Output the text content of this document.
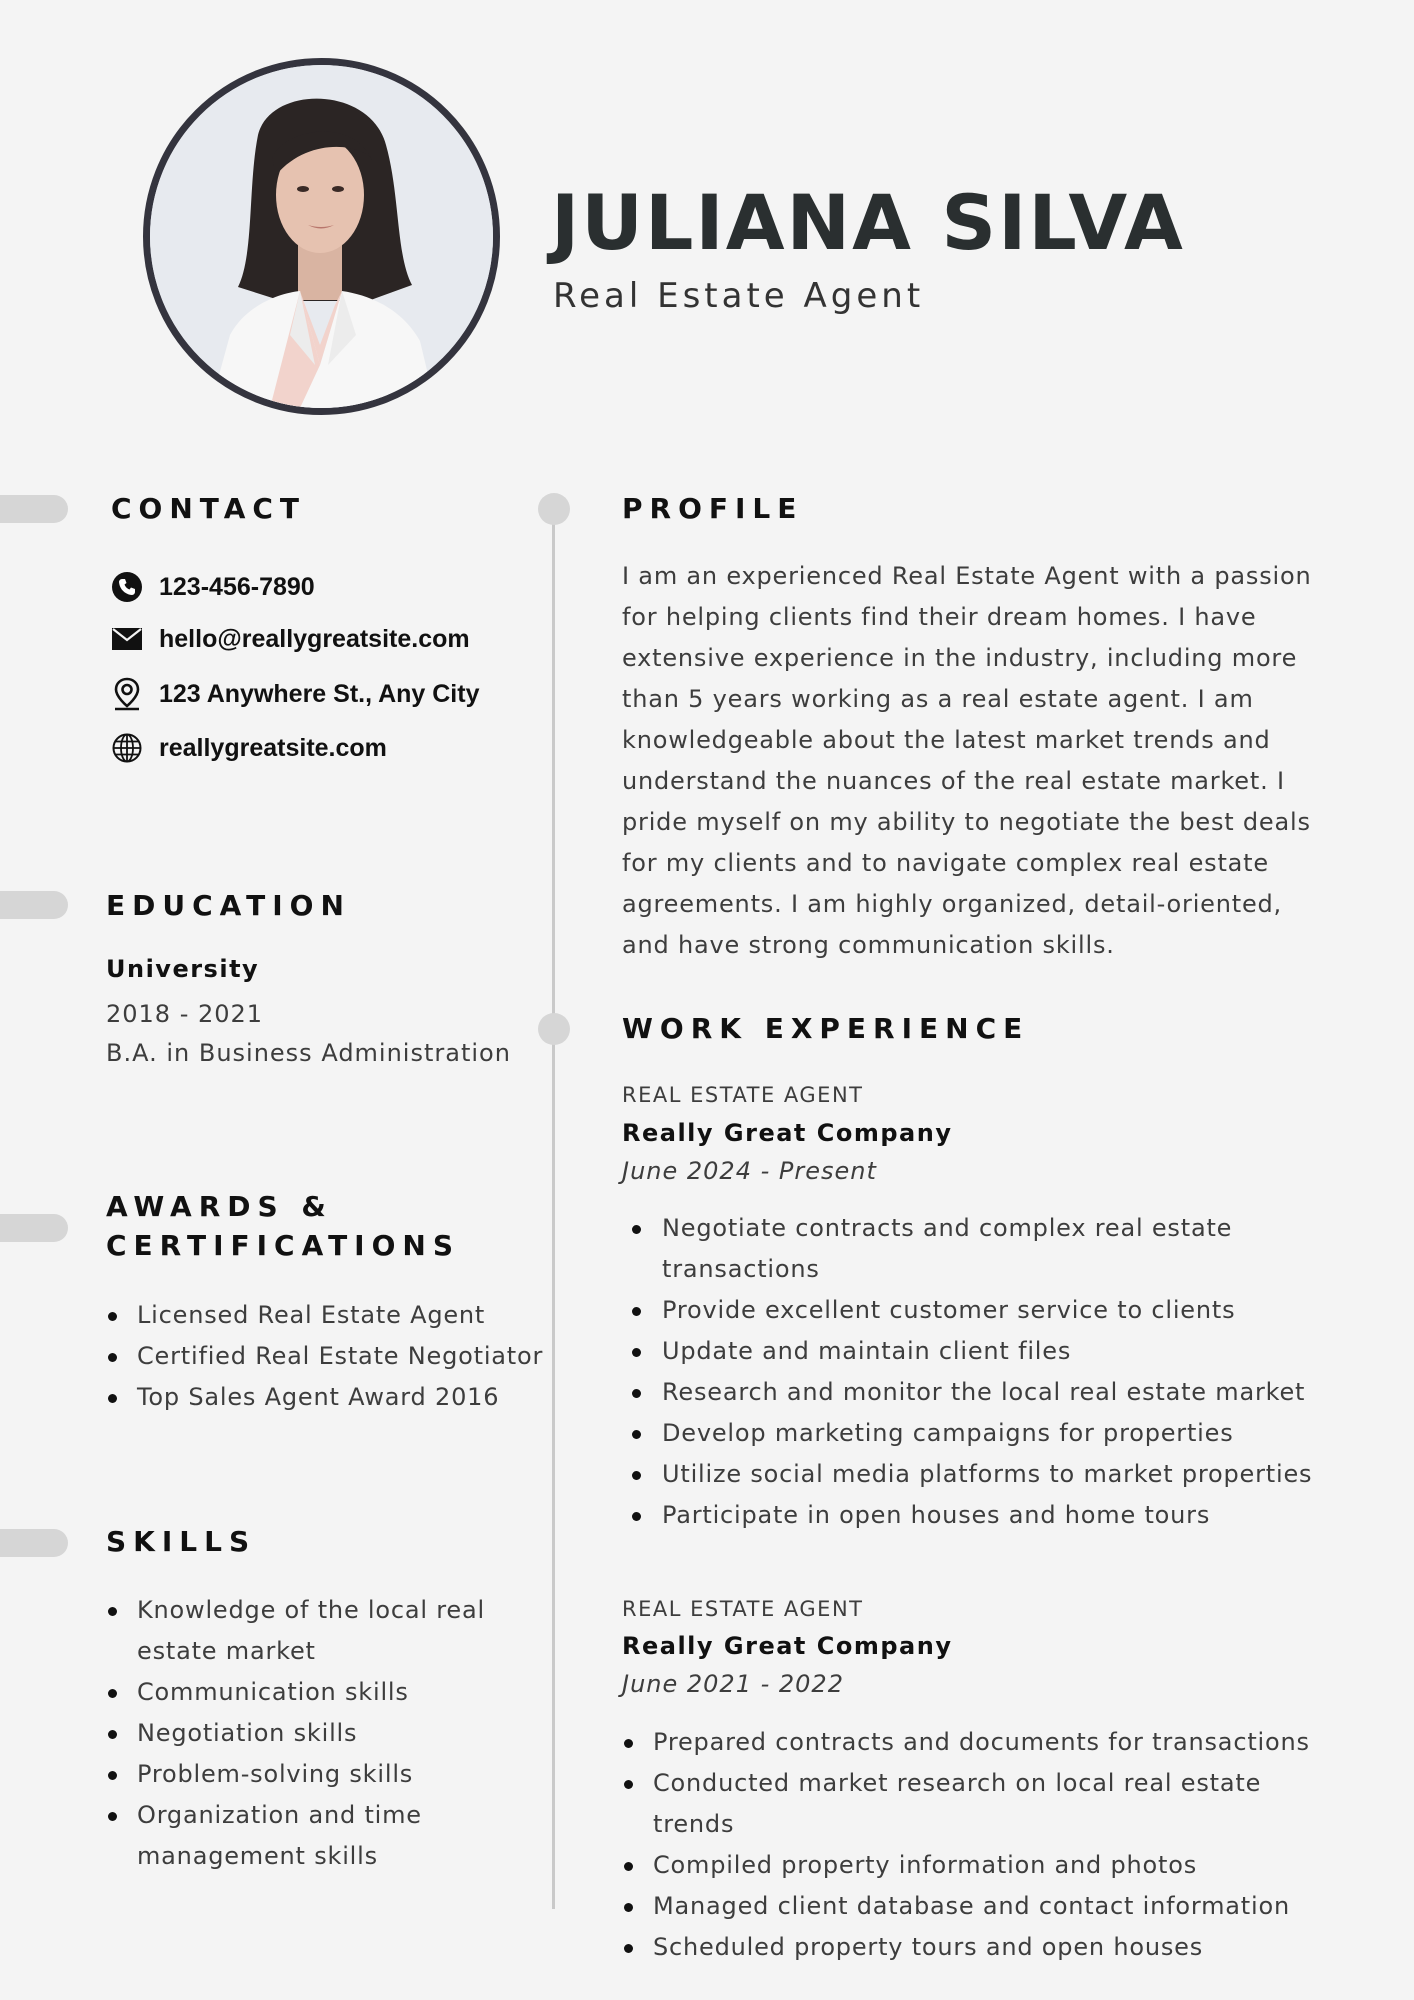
JULIANA SILVA
Real Estate Agent
CONTACT
123-456-7890
hello@reallygreatsite.com
123 Anywhere St., Any City
reallygreatsite.com
EDUCATION
University
2018 - 2021
B.A. in Business Administration
AWARDS &
CERTIFICATIONS
Licensed Real Estate Agent
Certified Real Estate Negotiator
Top Sales Agent Award 2016
SKILLS
Knowledge of the local real estate market
Communication skills
Negotiation skills
Problem-solving skills
Organization and time management skills
PROFILE
I am an experienced Real Estate Agent with a passion for helping clients find their dream homes. I have extensive experience in the industry, including more than 5 years working as a real estate agent. I am knowledgeable about the latest market trends and understand the nuances of the real estate market. I pride myself on my ability to negotiate the best deals for my clients and to navigate complex real estate agreements. I am highly organized, detail-oriented, and have strong communication skills.
WORK EXPERIENCE
REAL ESTATE AGENT
Really Great Company
June 2024 - Present
Negotiate contracts and complex real estate transactions
Provide excellent customer service to clients
Update and maintain client files
Research and monitor the local real estate market
Develop marketing campaigns for properties
Utilize social media platforms to market properties
Participate in open houses and home tours
REAL ESTATE AGENT
Really Great Company
June 2021 - 2022
Prepared contracts and documents for transactions
Conducted market research on local real estate trends
Compiled property information and photos
Managed client database and contact information
Scheduled property tours and open houses
